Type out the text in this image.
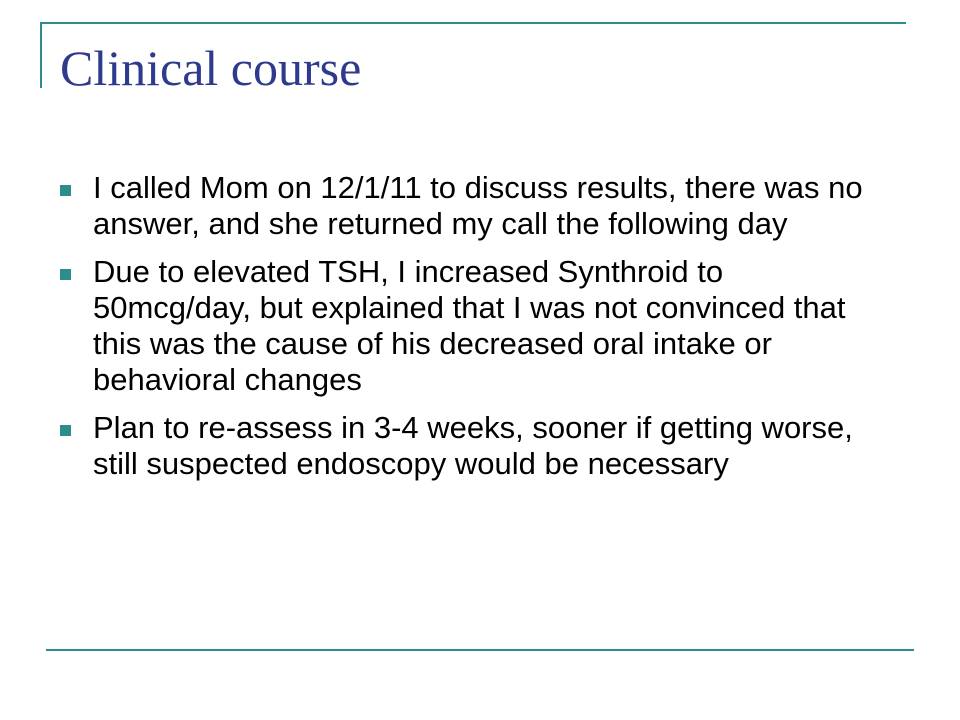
Clinical course
I called Mom on 12/1/11 to discuss results, there was no answer, and she returned my call the following day
Due to elevated TSH, I increased Synthroid to 50mcg/day, but explained that I was not convinced that this was the cause of his decreased oral intake or behavioral changes
Plan to re-assess in 3-4 weeks, sooner if getting worse, still suspected endoscopy would be necessary
